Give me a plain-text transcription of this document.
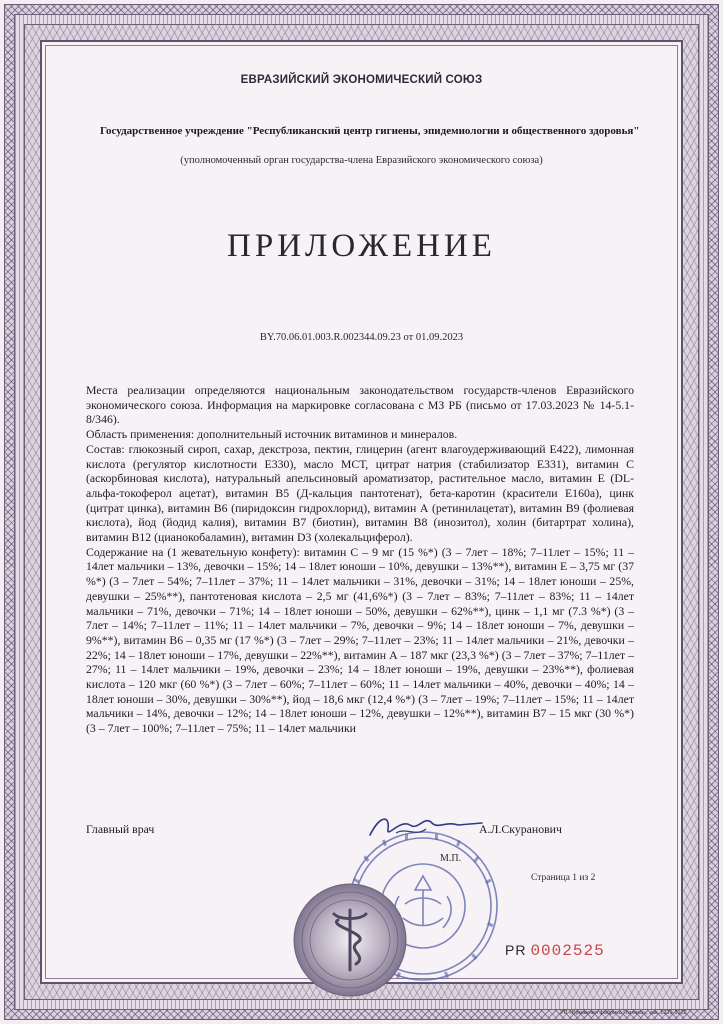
ЕВРАЗИЙСКИЙ ЭКОНОМИЧЕСКИЙ СОЮЗ
Государственное учреждение "Республиканский центр гигиены, эпидемиологии и общественного здоровья"
(уполномоченный орган государства-члена Евразийского экономического союза)
ПРИЛОЖЕНИЕ
BY.70.06.01.003.R.002344.09.23 от 01.09.2023

Места реализации определяются национальным законодательством государств-членов Евразийского экономического союза. Информация на маркировке согласована с МЗ РБ (письмо от 17.03.2023 № 14-5.1-8/346).

Область применения: дополнительный источник витаминов и минералов.

Состав: глюкозный сироп, сахар, декстроза, пектин, глицерин (агент влагоудерживающий Е422), лимонная кислота (регулятор кислотности Е330), масло МСТ, цитрат натрия (стабилизатор Е331), витамин С (аскорбиновая кислота), натуральный апельсиновый ароматизатор, растительное масло, витамин Е (DL-альфа-токоферол ацетат), витамин В5 (Д-кальция пантотенат), бета-каротин (красители Е160а), цинк (цитрат цинка), витамин В6 (пиридоксин гидрохлорид), витамин А (ретинилацетат), витамин В9 (фолиевая кислота), йод (йодид калия), витамин В7 (биотин), витамин В8 (инозитол), холин (битартрат холина), витамин В12 (цианокобаламин), витамин D3 (холекальциферол).

Содержание на (1 жевательную конфету): витамин С – 9 мг (15 %*) (3 – 7лет – 18%; 7–11лет – 15%; 11 – 14лет мальчики – 13%, девочки – 15%; 14 – 18лет юноши – 10%, девушки – 13%**), витамин Е – 3,75 мг (37 %*) (3 – 7лет – 54%; 7–11лет – 37%; 11 – 14лет мальчики – 31%, девочки – 31%; 14 – 18лет юноши – 25%, девушки – 25%**), пантотеновая кислота – 2,5 мг (41,6%*) (3 – 7лет – 83%; 7–11лет – 83%; 11 – 14лет мальчики – 71%, девочки – 71%; 14 – 18лет юноши – 50%, девушки – 62%**), цинк – 1,1 мг (7.3 %*) (3 – 7лет – 14%; 7–11лет – 11%; 11 – 14лет мальчики – 7%, девочки – 9%; 14 – 18лет юноши – 7%, девушки – 9%**), витамин В6 – 0,35 мг (17 %*) (3 – 7лет – 29%; 7–11лет – 23%; 11 – 14лет мальчики – 21%, девочки – 22%; 14 – 18лет юноши – 17%, девушки – 22%**), витамин А – 187 мкг (23,3 %*) (3 – 7лет – 37%; 7–11лет – 27%; 11 – 14лет мальчики – 19%, девочки – 23%; 14 – 18лет юноши – 19%, девушки – 23%**), фолиевая кислота – 120 мкг (60 %*) (3 – 7лет – 60%; 7–11лет – 60%; 11 – 14лет мальчики – 40%, девочки – 40%; 14 – 18лет юноши – 30%, девушки – 30%**), йод – 18,6 мкг (12,4 %*) (3 – 7лет – 19%; 7–11лет – 15%; 11 – 14лет мальчики – 14%, девочки – 12%; 14 – 18лет юноши – 12%, девушки – 12%**), витамин В7 – 15 мкг (30 %*) (3 – 7лет – 100%; 7–11лет – 75%; 11 – 14лет мальчики

Главный врач	А.Л.Скуранович
М.П.
Страница 1 из 2
PR 0002525
УП «Бумажная фабрика Гознака», зак. 1339-1022
